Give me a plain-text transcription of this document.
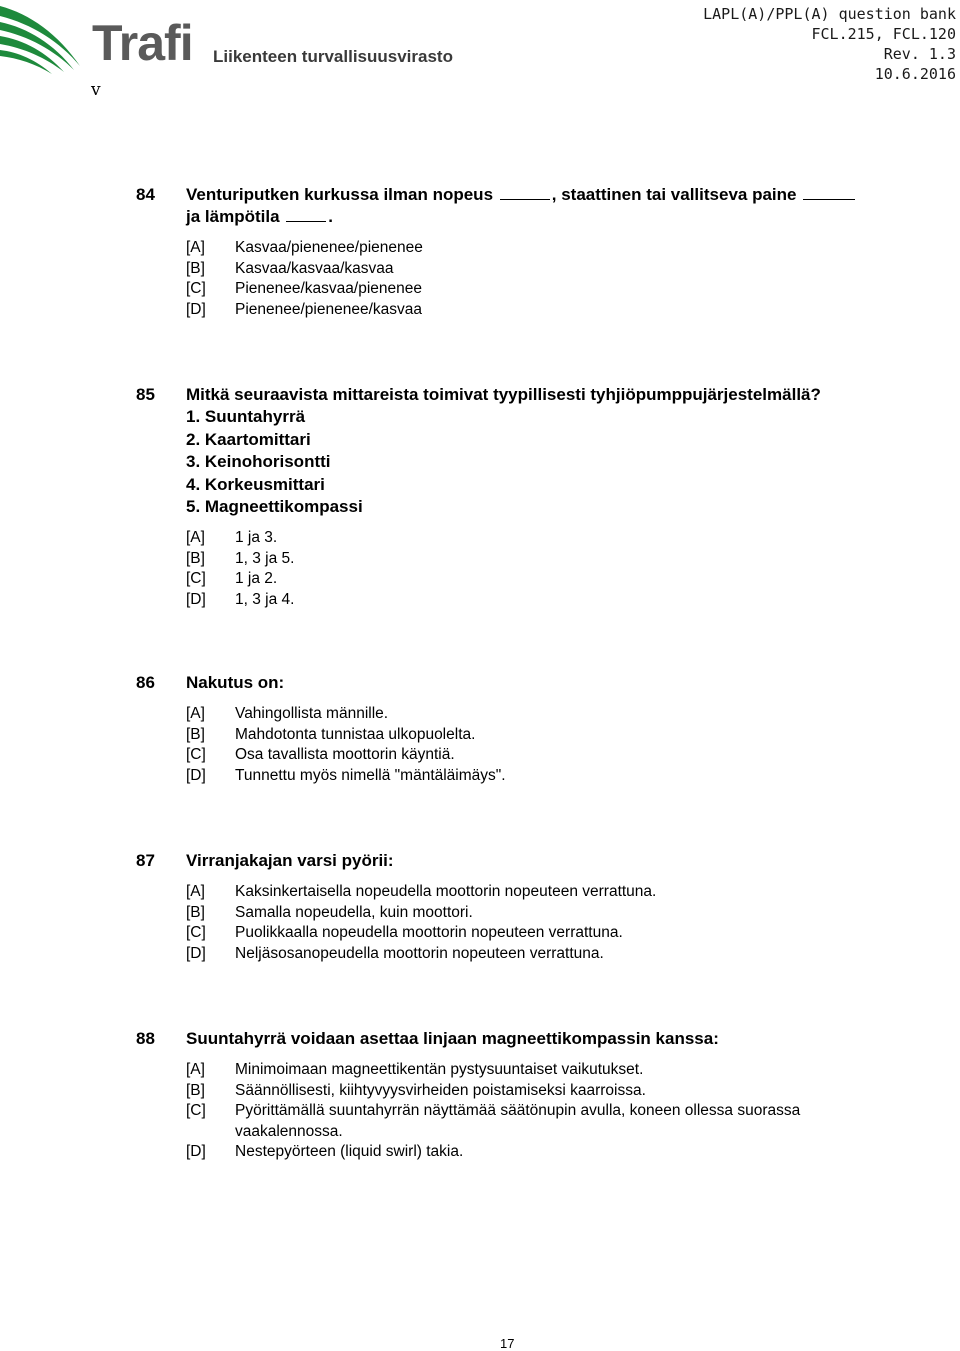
Trafi Liikenteen turvallisuusvirasto
LAPL(A)/PPL(A) question bank
FCL.215, FCL.120
Rev. 1.3
10.6.2016
v
84 Venturiputken kurkussa ilman nopeus	, staattinen tai vallitseva paine
ja lämpötila	.
[A] Kasvaa/pienenee/pienenee
[B] Kasvaa/kasvaa/kasvaa
[C] Pienenee/kasvaa/pienenee
[D] Pienenee/pienenee/kasvaa
85 Mitkä seuraavista mittareista toimivat tyypillisesti tyhjiöpumppujärjestelmällä?
1. Suuntahyrrä
2. Kaartomittari
3. Keinohorisontti
4. Korkeusmittari
5. Magneettikompassi
[A] 1 ja 3.
[B] 1, 3 ja 5.
[C] 1 ja 2.
[D] 1, 3 ja 4.
86 Nakutus on:
[A] Vahingollista männille.
[B] Mahdotonta tunnistaa ulkopuolelta.
[C] Osa tavallista moottorin käyntiä.
[D] Tunnettu myös nimellä "mäntäläimäys".
87 Virranjakajan varsi pyörii:
[A] Kaksinkertaisella nopeudella moottorin nopeuteen verrattuna.
[B] Samalla nopeudella, kuin moottori.
[C] Puolikkaalla nopeudella moottorin nopeuteen verrattuna.
[D] Neljäsosanopeudella moottorin nopeuteen verrattuna.
88 Suuntahyrrä voidaan asettaa linjaan magneettikompassin kanssa:
[A] Minimoimaan magneettikentän pystysuuntaiset vaikutukset.
[B] Säännöllisesti, kiihtyvyysvirheiden poistamiseksi kaarroissa.
[C] Pyörittämällä suuntahyrrän näyttämää säätönupin avulla, koneen ollessa suorassa vaakalennossa.
[D] Nestepyörteen (liquid swirl) takia.
17
